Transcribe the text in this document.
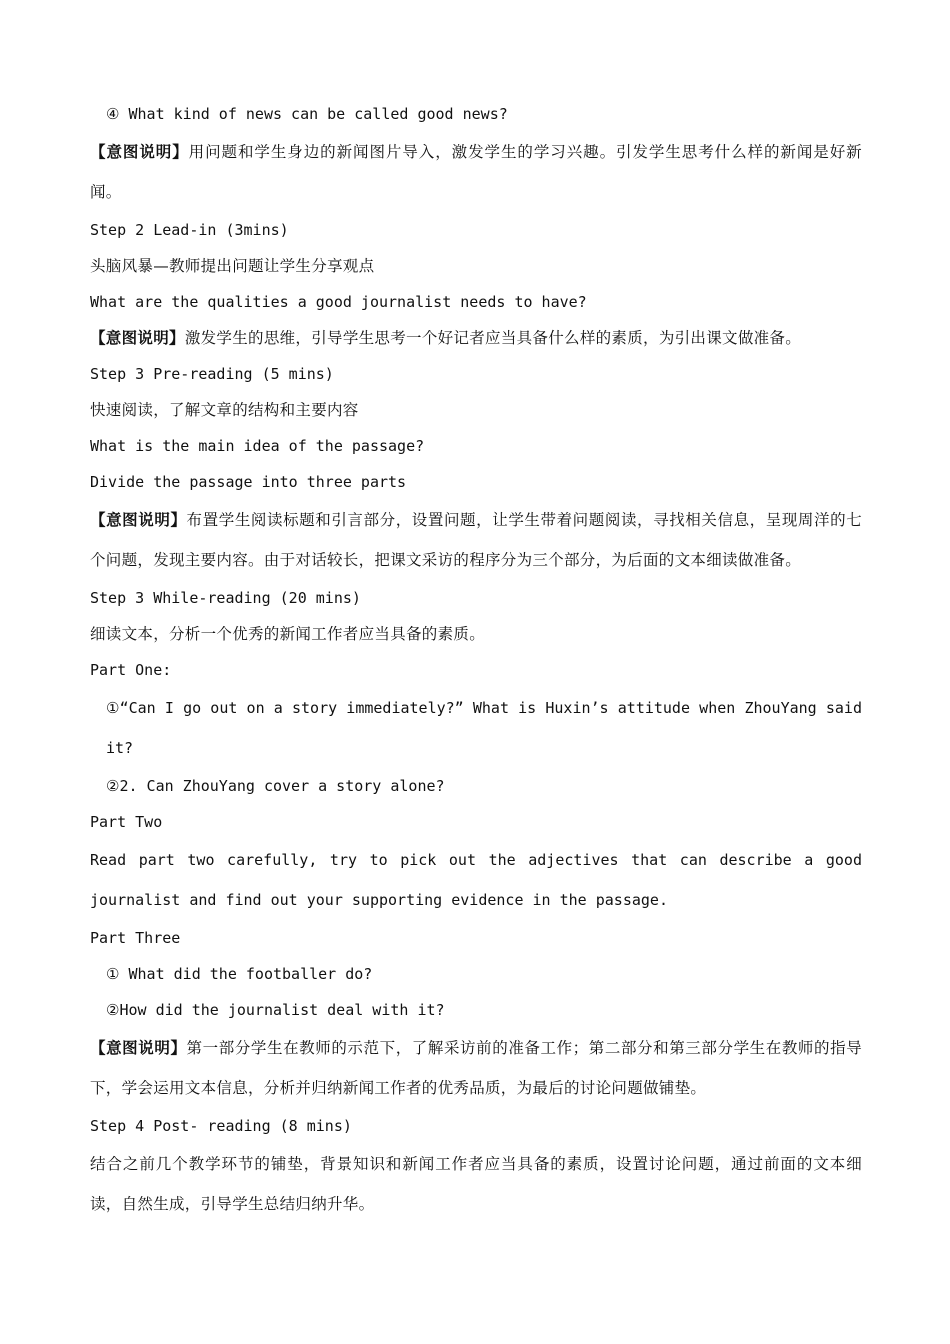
④ What kind of news can be called good news?
【意图说明】用问题和学生身边的新闻图片导入，激发学生的学习兴趣。引发学生思考什么样的新闻是好新闻。
Step 2 Lead-in (3mins)
头脑风暴—教师提出问题让学生分享观点
What are the qualities a good journalist needs to have?
【意图说明】激发学生的思维，引导学生思考一个好记者应当具备什么样的素质，为引出课文做准备。
Step 3 Pre-reading (5 mins)
快速阅读，了解文章的结构和主要内容
What is the main idea of the passage?
Divide the passage into three parts
【意图说明】布置学生阅读标题和引言部分，设置问题，让学生带着问题阅读，寻找相关信息，呈现周洋的七个问题，发现主要内容。由于对话较长，把课文采访的程序分为三个部分，为后面的文本细读做准备。
Step 3 While-reading (20 mins)
细读文本，分析一个优秀的新闻工作者应当具备的素质。
Part One:
①“Can I go out on a story immediately?” What is Huxin’s attitude when ZhouYang said it?
②2. Can ZhouYang cover a story alone?
Part Two
Read part two carefully, try to pick out the adjectives that can describe a good journalist and find out your supporting evidence in the passage.
Part Three
① What did the footballer do?
②How did the journalist deal with it?
【意图说明】第一部分学生在教师的示范下，了解采访前的准备工作；第二部分和第三部分学生在教师的指导下，学会运用文本信息，分析并归纳新闻工作者的优秀品质，为最后的讨论问题做铺垫。
Step 4 Post- reading (8 mins)
结合之前几个教学环节的铺垫，背景知识和新闻工作者应当具备的素质，设置讨论问题，通过前面的文本细读，自然生成，引导学生总结归纳升华。
